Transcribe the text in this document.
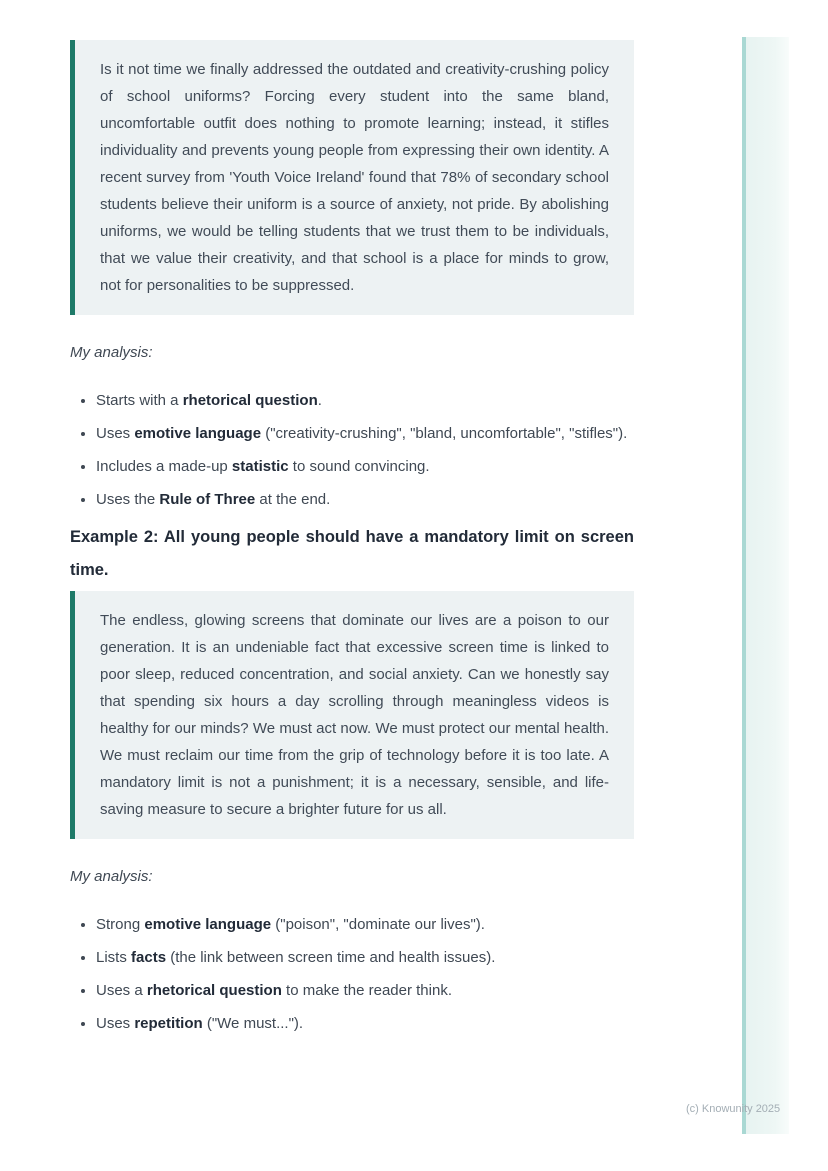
Is it not time we finally addressed the outdated and creativity-crushing policy of school uniforms? Forcing every student into the same bland, uncomfortable outfit does nothing to promote learning; instead, it stifles individuality and prevents young people from expressing their own identity. A recent survey from 'Youth Voice Ireland' found that 78% of secondary school students believe their uniform is a source of anxiety, not pride. By abolishing uniforms, we would be telling students that we trust them to be individuals, that we value their creativity, and that school is a place for minds to grow, not for personalities to be suppressed.

My analysis:

• Starts with a rhetorical question.
• Uses emotive language ("creativity-crushing", "bland, uncomfortable", "stifles").
• Includes a made-up statistic to sound convincing.
• Uses the Rule of Three at the end.
Example 2: All young people should have a mandatory limit on screen time.

The endless, glowing screens that dominate our lives are a poison to our generation. It is an undeniable fact that excessive screen time is linked to poor sleep, reduced concentration, and social anxiety. Can we honestly say that spending six hours a day scrolling through meaningless videos is healthy for our minds? We must act now. We must protect our mental health. We must reclaim our time from the grip of technology before it is too late. A mandatory limit is not a punishment; it is a necessary, sensible, and life-saving measure to secure a brighter future for us all.

My analysis:

• Strong emotive language ("poison", "dominate our lives").
• Lists facts (the link between screen time and health issues).
• Uses a rhetorical question to make the reader think.
• Uses repetition ("We must...").
(c) Knowunity 2025
